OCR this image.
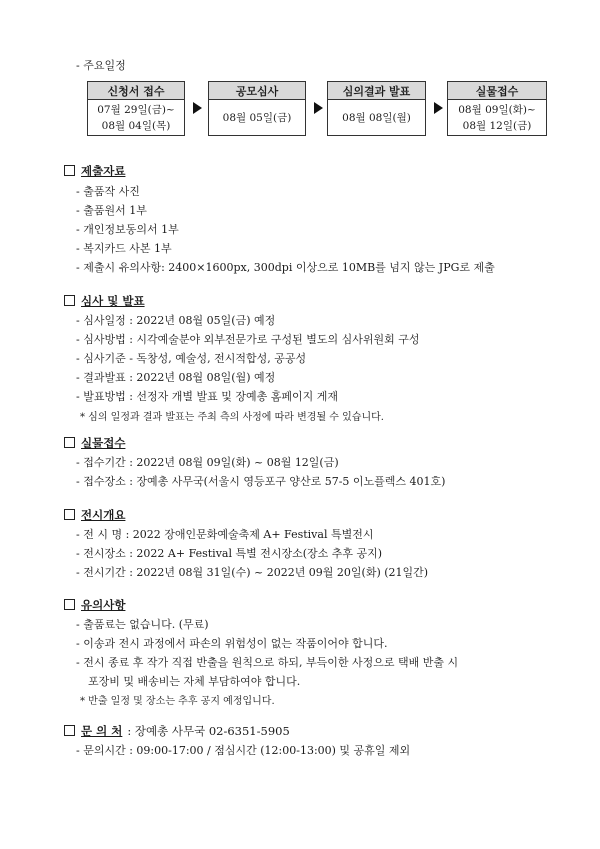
- 주요일정
신청서 접수
07월 29일(금)~
08월 04일(목)
공모심사
08월 05일(금)
심의결과 발표
08월 08일(월)
실물접수
08월 09일(화)~
08월 12일(금)
제출자료
- 출품작 사진
- 출품원서 1부
- 개인정보동의서 1부
- 복지카드 사본 1부
- 제출시 유의사항: 2400×1600px, 300dpi 이상으로 10MB를 넘지 않는 JPG로 제출
심사 및 발표
- 심사일정 : 2022년 08월 05일(금) 예정
- 심사방법 : 시각예술분야 외부전문가로 구성된 별도의 심사위원회 구성
- 심사기준 - 독창성, 예술성, 전시적합성, 공공성
- 결과발표 : 2022년 08월 08일(월) 예정
- 발표방법 : 선정자 개별 발표 및 장예총 홈페이지 게재
* 심의 일정과 결과 발표는 주최 측의 사정에 따라 변경될 수 있습니다.
실물접수
- 접수기간 : 2022년 08월 09일(화) ~ 08월 12일(금)
- 접수장소 : 장예총 사무국(서울시 영등포구 양산로 57-5 이노플렉스 401호)
전시개요
- 전 시 명 : 2022 장애인문화예술축제 A+ Festival 특별전시
- 전시장소 : 2022 A+ Festival 특별 전시장소(장소 추후 공지)
- 전시기간 : 2022년 08월 31일(수) ~ 2022년 09월 20일(화) (21일간)
유의사항
- 출품료는 없습니다. (무료)
- 이송과 전시 과정에서 파손의 위험성이 없는 작품이어야 합니다.
- 전시 종료 후 작가 직접 반출을 원칙으로 하되, 부득이한 사정으로 택배 반출 시
포장비 및 배송비는 자체 부담하여야 합니다.
* 반출 일정 및 장소는 추후 공지 예정입니다.
문 의 처 : 장예총 사무국 02-6351-5905
- 문의시간 : 09:00-17:00 / 점심시간 (12:00-13:00) 및 공휴일 제외
